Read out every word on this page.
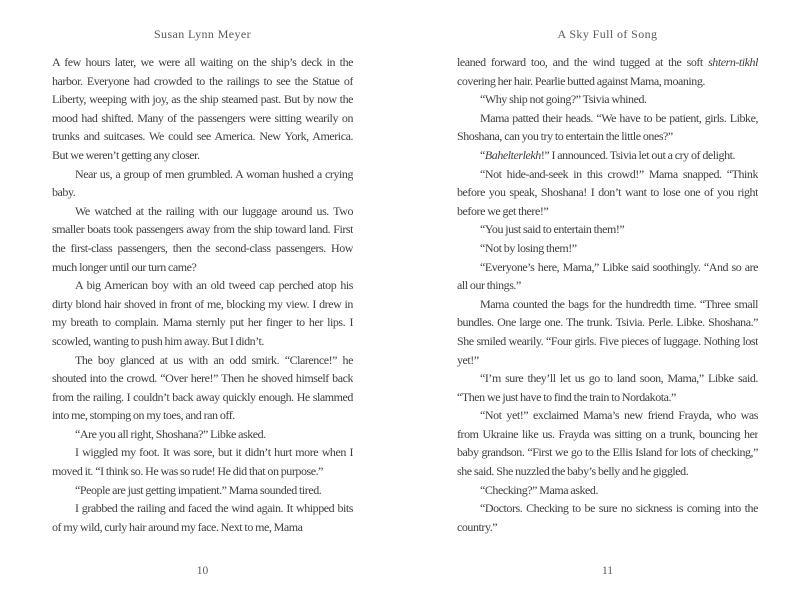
Susan Lynn Meyer

A few hours later, we were all waiting on the ship’s deck in the harbor. Everyone had crowded to the railings to see the Statue of Liberty, weeping with joy, as the ship steamed past. But by now the mood had shifted. Many of the passengers were sitting wearily on trunks and suitcases. We could see America. New York, America. But we weren’t getting any closer.

Near us, a group of men grumbled. A woman hushed a crying baby.

We watched at the railing with our luggage around us. Two smaller boats took passengers away from the ship toward land. First the first-class passengers, then the second-class passengers. How much longer until our turn came?

A big American boy with an old tweed cap perched atop his dirty blond hair shoved in front of me, blocking my view. I drew in my breath to complain. Mama sternly put her finger to her lips. I scowled, wanting to push him away. But I didn’t.

The boy glanced at us with an odd smirk. “Clarence!” he shouted into the crowd. “Over here!” Then he shoved himself back from the railing. I couldn’t back away quickly enough. He slammed into me, stomping on my toes, and ran off.

“Are you all right, Shoshana?” Libke asked.

I wiggled my foot. It was sore, but it didn’t hurt more when I moved it. “I think so. He was so rude! He did that on purpose.”

“People are just getting impatient.” Mama sounded tired.

I grabbed the railing and faced the wind again. It whipped bits of my wild, curly hair around my face. Next to me, Mama

10
A Sky Full of Song

leaned forward too, and the wind tugged at the soft shtern-tikhl covering her hair. Pearlie butted against Mama, moaning.

“Why ship not going?” Tsivia whined.

Mama patted their heads. “We have to be patient, girls. Libke, Shoshana, can you try to entertain the little ones?”

“Bahelterlekh!” I announced. Tsivia let out a cry of delight.

“Not hide-and-seek in this crowd!” Mama snapped. “Think before you speak, Shoshana! I don’t want to lose one of you right before we get there!”

“You just said to entertain them!”

“Not by losing them!”

“Everyone’s here, Mama,” Libke said soothingly. “And so are all our things.”

Mama counted the bags for the hundredth time. “Three small bundles. One large one. The trunk. Tsivia. Perle. Libke. Shoshana.” She smiled wearily. “Four girls. Five pieces of luggage. Nothing lost yet!”

“I’m sure they’ll let us go to land soon, Mama,” Libke said. “Then we just have to find the train to Nordakota.”

“Not yet!” exclaimed Mama’s new friend Frayda, who was from Ukraine like us. Frayda was sitting on a trunk, bouncing her baby grandson. “First we go to the Ellis Island for lots of checking,” she said. She nuzzled the baby’s belly and he giggled.

“Checking?” Mama asked.

“Doctors. Checking to be sure no sickness is coming into the country.”

11
